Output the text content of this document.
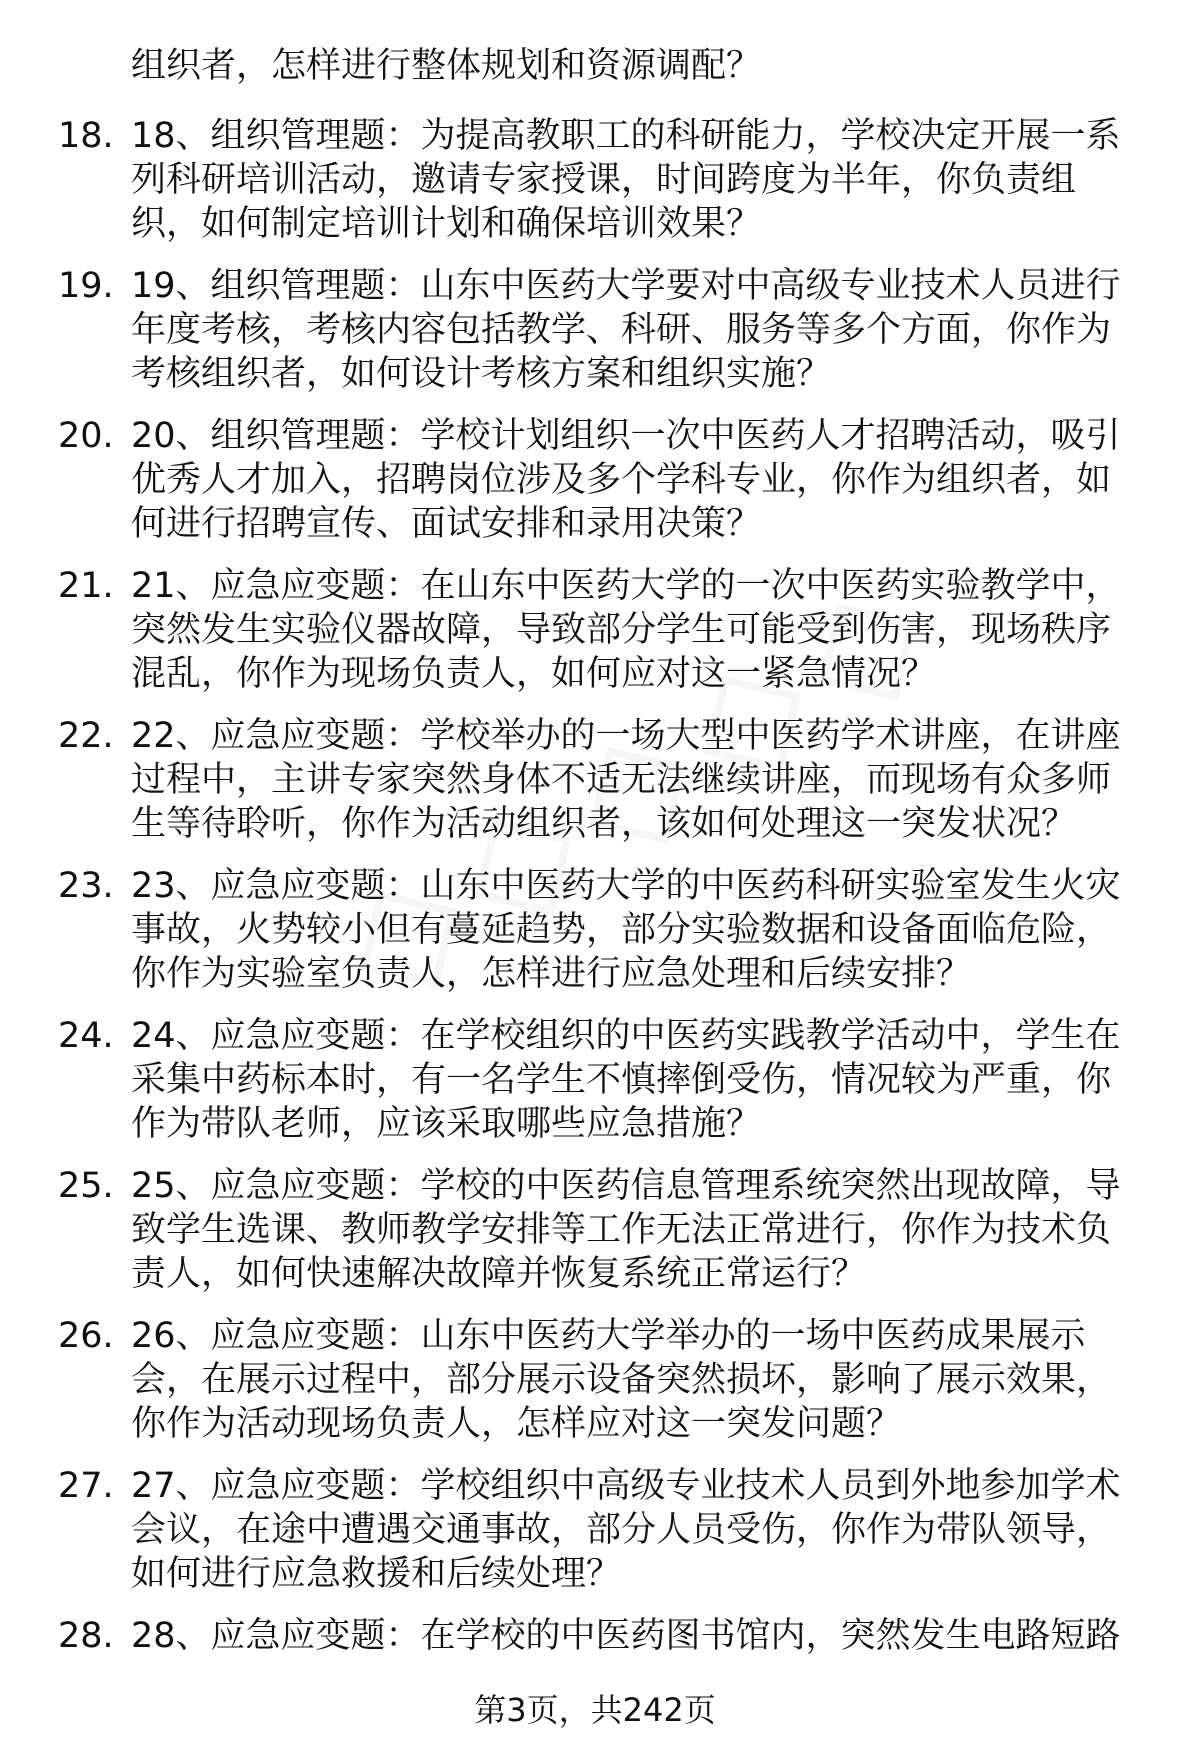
组织者，怎样进行整体规划和资源调配？
18. 18、组织管理题：为提高教职工的科研能力，学校决定开展一系
列科研培训活动，邀请专家授课，时间跨度为半年，你负责组
织，如何制定培训计划和确保培训效果？
19. 19、组织管理题：山东中医药大学要对中高级专业技术人员进行
年度考核，考核内容包括教学、科研、服务等多个方面，你作为
考核组织者，如何设计考核方案和组织实施？
20. 20、组织管理题：学校计划组织一次中医药人才招聘活动，吸引
优秀人才加入，招聘岗位涉及多个学科专业，你作为组织者，如
何进行招聘宣传、面试安排和录用决策？
21. 21、应急应变题：在山东中医药大学的一次中医药实验教学中，
突然发生实验仪器故障，导致部分学生可能受到伤害，现场秩序
混乱，你作为现场负责人，如何应对这一紧急情况？
22. 22、应急应变题：学校举办的一场大型中医药学术讲座，在讲座
过程中，主讲专家突然身体不适无法继续讲座，而现场有众多师
生等待聆听，你作为活动组织者，该如何处理这一突发状况？
23. 23、应急应变题：山东中医药大学的中医药科研实验室发生火灾
事故，火势较小但有蔓延趋势，部分实验数据和设备面临危险，
你作为实验室负责人，怎样进行应急处理和后续安排？
24. 24、应急应变题：在学校组织的中医药实践教学活动中，学生在
采集中药标本时，有一名学生不慎摔倒受伤，情况较为严重，你
作为带队老师，应该采取哪些应急措施？
25. 25、应急应变题：学校的中医药信息管理系统突然出现故障，导
致学生选课、教师教学安排等工作无法正常进行，你作为技术负
责人，如何快速解决故障并恢复系统正常运行？
26. 26、应急应变题：山东中医药大学举办的一场中医药成果展示
会，在展示过程中，部分展示设备突然损坏，影响了展示效果，
你作为活动现场负责人，怎样应对这一突发问题？
27. 27、应急应变题：学校组织中高级专业技术人员到外地参加学术
会议，在途中遭遇交通事故，部分人员受伤，你作为带队领导，
如何进行应急救援和后续处理？
28. 28、应急应变题：在学校的中医药图书馆内，突然发生电路短路
第3页，共242页
